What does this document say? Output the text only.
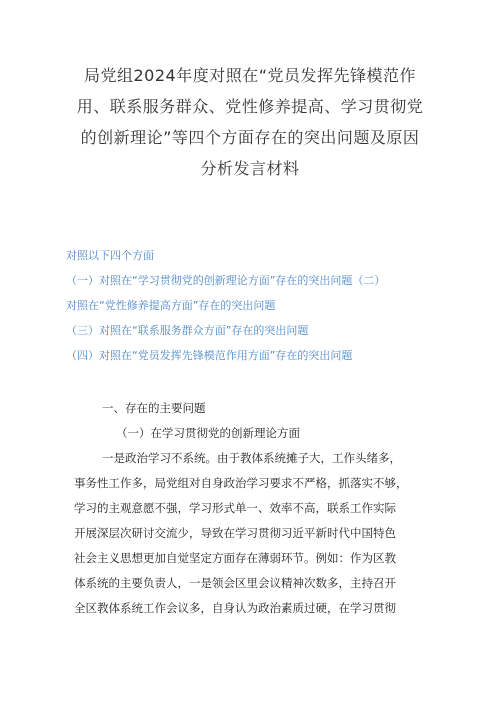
局党组2024年度对照在“党员发挥先锋模范作
用、联系服务群众、党性修养提高、学习贯彻党
的创新理论”等四个方面存在的突出问题及原因
分析发言材料
对照以下四个方面
（一）对照在“学习贯彻党的创新理论方面”存在的突出问题（二）
对照在“党性修养提高方面”存在的突出问题
（三）对照在“联系服务群众方面”存在的突出问题
（四）对照在“党员发挥先锋模范作用方面”存在的突出问题
一、存在的主要问题
（一）在学习贯彻党的创新理论方面
一是政治学习不系统。由于教体系统摊子大，工作头绪多，
事务性工作多，局党组对自身政治学习要求不严格，抓落实不够，
学习的主观意愿不强，学习形式单一、效率不高，联系工作实际
开展深层次研讨交流少，导致在学习贯彻习近平新时代中国特色
社会主义思想更加自觉坚定方面存在薄弱环节。例如：作为区教
体系统的主要负责人，一是领会区里会议精神次数多，主持召开
全区教体系统工作会议多，自身认为政治素质过硬，在学习贯彻
